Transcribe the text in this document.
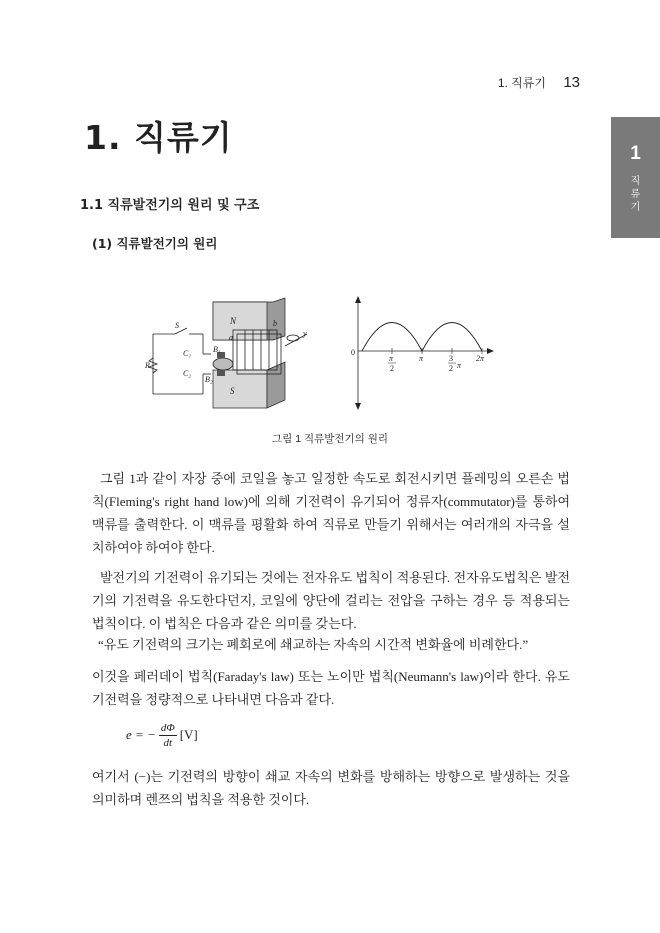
1. 직류기 13
1
직류기
1. 직류기
1.1 직류발전기의 원리 및 구조
(1) 직류발전기의 원리
S
R
C₁
C₂
N
S
a
b
y
B₁
B₂
0
π
2
π	3
2 π
2π
그림 1 직류발전기의 원리

그림 1과 같이 자장 중에 코일을 놓고 일정한 속도로 회전시키면 플레밍의 오른손 법칙(Fleming's right hand low)에 의해 기전력이 유기되어 정류자(commutator)를 통하여 맥류를 출력한다. 이 맥류를 평활화 하여 직류로 만들기 위해서는 여러개의 자극을 설치하여야 하여야 한다.

발전기의 기전력이 유기되는 것에는 전자유도 법칙이 적용된다. 전자유도법칙은 발전기의 기전력을 유도한다던지, 코일에 양단에 걸리는 전압을 구하는 경우 등 적용되는 법칙이다. 이 법칙은 다음과 같은 의미를 갖는다.

“유도 기전력의 크기는 폐회로에 쇄교하는 자속의 시간적 변화율에 비례한다.”

이것을 페러데이 법칙(Faraday's law) 또는 노이만 법칙(Neumann's law)이라 한다. 유도 기전력을 정량적으로 나타내면 다음과 같다.

e = − $\frac{d\Phi}{dt} [V]$

여기서 (−)는 기전력의 방향이 쇄교 자속의 변화를 방해하는 방향으로 발생하는 것을 의미하며 렌쯔의 법칙을 적용한 것이다.
